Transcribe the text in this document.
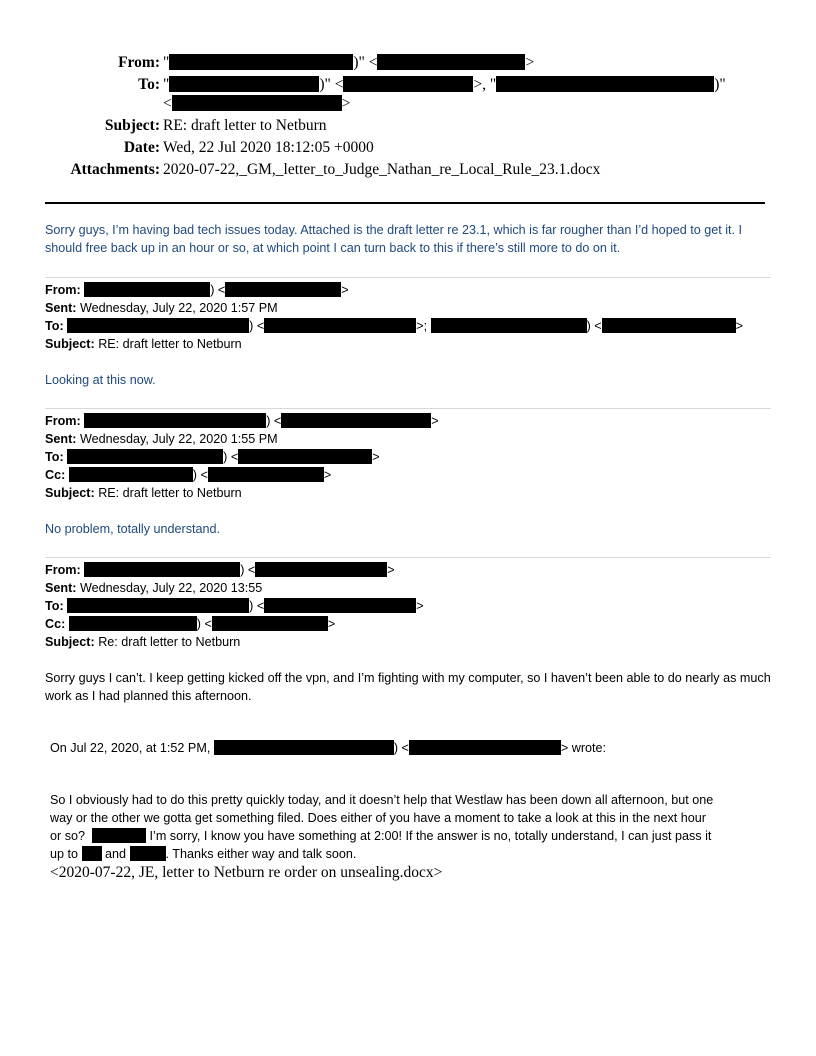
From: "	)" <	>
To: "	)" <	>, "	)"
<	>
Subject: RE: draft letter to Netburn
Date: Wed, 22 Jul 2020 18:12:05 +0000
Attachments: 2020-07-22,_GM,_letter_to_Judge_Nathan_re_Local_Rule_23.1.docx
Sorry guys, I’m having bad tech issues today. Attached is the draft letter re 23.1, which is far rougher than I’d hoped to get it. I should free back up in an hour or so, at which point I can turn back to this if there’s still more to do on it.
From:	) <	>
Sent: Wednesday, July 22, 2020 1:57 PM
To:	) <	>;	) <	>
Subject: RE: draft letter to Netburn
Looking at this now.
From:	) <	>
Sent: Wednesday, July 22, 2020 1:55 PM
To:	) <	>
Cc:	) <	>
Subject: RE: draft letter to Netburn
No problem, totally understand.
From:	) <	>
Sent: Wednesday, July 22, 2020 13:55
To:	) <	>
Cc:	) <	>
Subject: Re: draft letter to Netburn
Sorry guys I can’t. I keep getting kicked off the vpn, and I’m fighting with my computer, so I haven’t been able to do nearly as much work as I had planned this afternoon.
On Jul 22, 2020, at 1:52 PM,	) <	> wrote:
So I obviously had to do this pretty quickly today, and it doesn’t help that Westlaw has been down all afternoon, but one
way or the other we gotta get something filed. Does either of you have a moment to take a look at this in the next hour
or so?	I’m sorry, I know you have something at 2:00! If the answer is no, totally understand, I can just pass it
up to and	. Thanks either way and talk soon.
<2020-07-22, JE, letter to Netburn re order on unsealing.docx>
